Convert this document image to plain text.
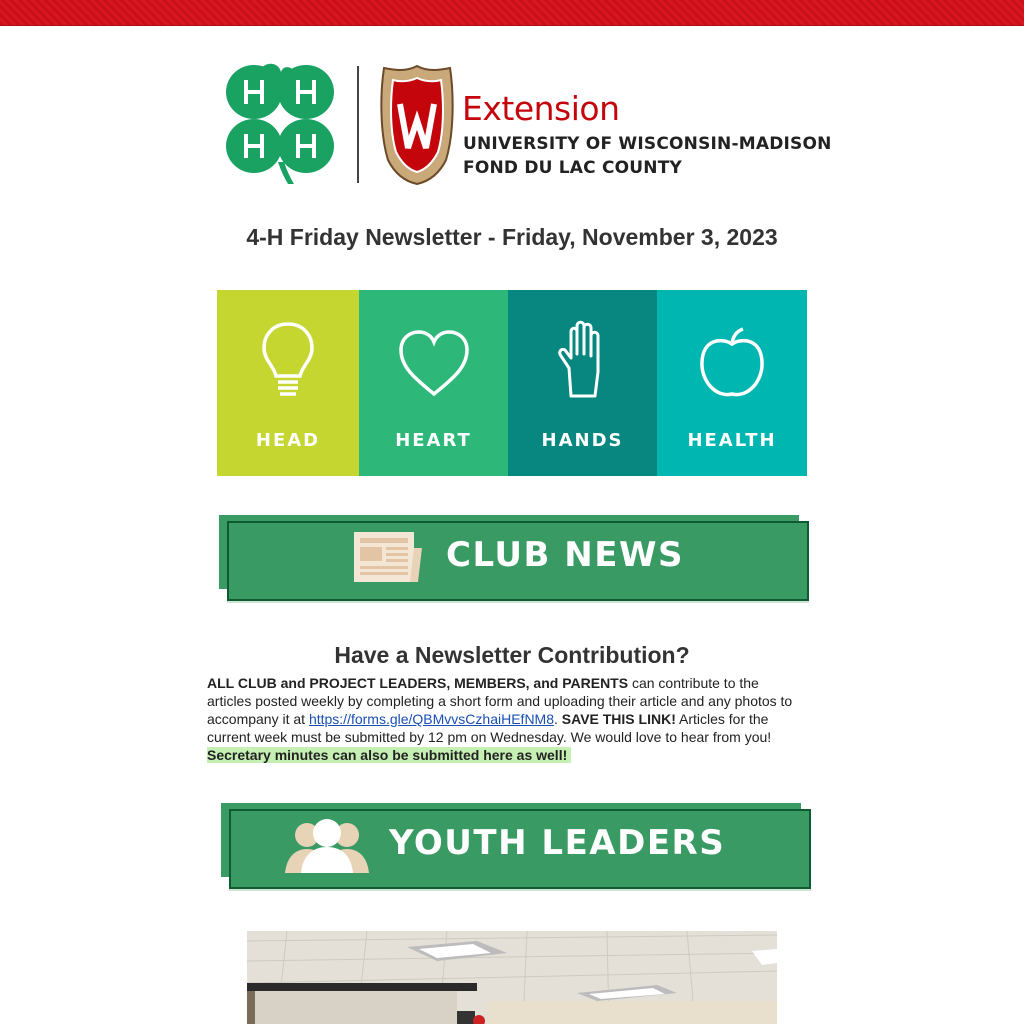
Extension
UNIVERSITY OF WISCONSIN-MADISON
FOND DU LAC COUNTY
4-H Friday Newsletter - Friday, November 3, 2023
HEAD	HEART	HANDS	HEALTH
CLUB NEWS
Have a Newsletter Contribution?
ALL CLUB and PROJECT LEADERS, MEMBERS, and PARENTS can contribute to the articles posted weekly by completing a short form and uploading their article and any photos to accompany it at https://forms.gle/QBMvvsCzhaiHEfNM8. SAVE THIS LINK! Articles for the current week must be submitted by 12 pm on Wednesday. We would love to hear from you!
Secretary minutes can also be submitted here as well!
YOUTH LEADERS
